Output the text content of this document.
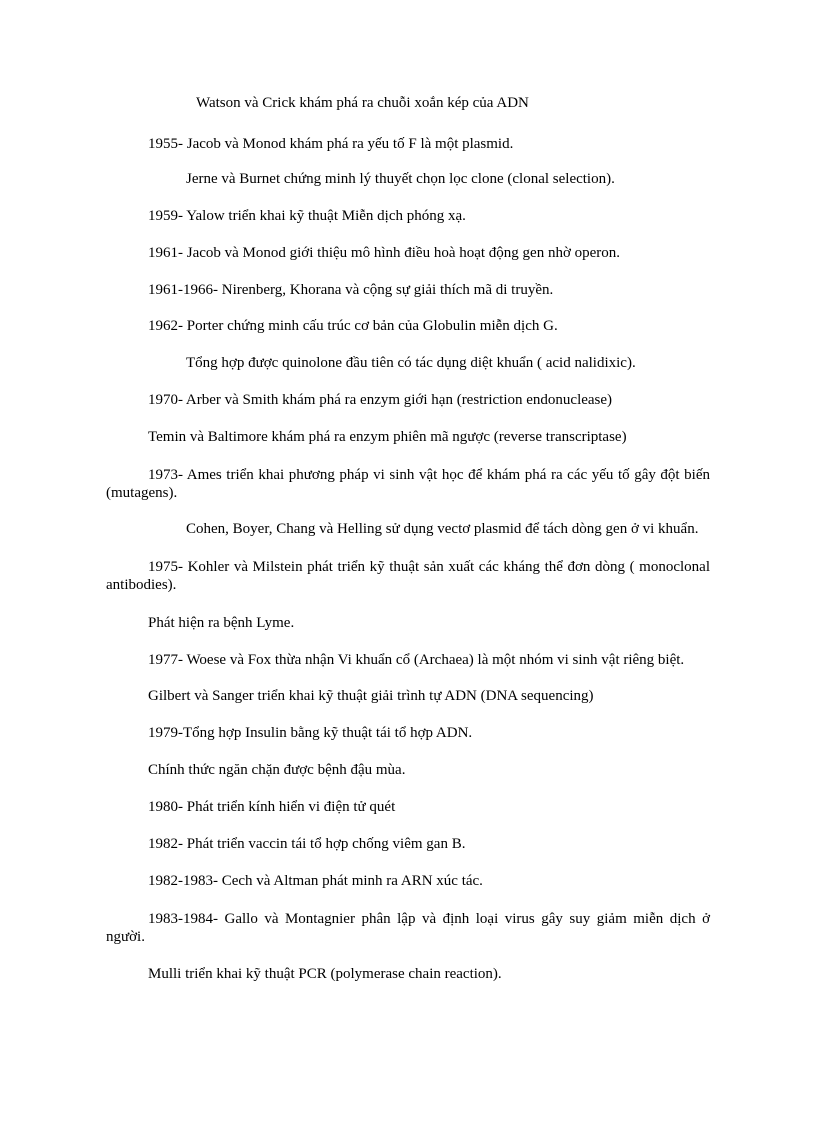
Watson và Crick khám phá ra chuỗi xoắn kép của ADN
1955- Jacob và Monod khám phá ra yếu tố F là một plasmid.
Jerne và Burnet chứng minh lý thuyết chọn lọc clone (clonal selection).
1959- Yalow triển khai kỹ thuật Miễn dịch phóng xạ.
1961- Jacob và Monod giới thiệu mô hình điều hoà hoạt động gen nhờ operon.
1961-1966- Nirenberg, Khorana và cộng sự giải thích mã di truyền.
1962- Porter chứng minh cấu trúc cơ bản của Globulin miễn dịch G.
Tổng hợp được quinolone đầu tiên có tác dụng diệt khuẩn ( acid nalidixic).
1970- Arber và Smith khám phá ra enzym giới hạn (restriction endonuclease)
Temin và Baltimore khám phá ra enzym phiên mã ngược (reverse transcriptase)
1973- Ames triển khai phương pháp vi sinh vật học để khám phá ra các yếu tố gây đột biến
(mutagens).
Cohen, Boyer, Chang và Helling sử dụng vectơ plasmid để tách dòng gen ở vi khuẩn.
1975- Kohler và Milstein phát triển kỹ thuật sản xuất các kháng thể đơn dòng ( monoclonal
antibodies).
Phát hiện ra bệnh Lyme.
1977- Woese và Fox thừa nhận Vi khuẩn cổ (Archaea) là một nhóm vi sinh vật riêng biệt.
Gilbert và Sanger triển khai kỹ thuật giải trình tự ADN (DNA sequencing)
1979-Tổng hợp Insulin bằng kỹ thuật tái tổ hợp ADN.
Chính thức ngăn chặn được bệnh đậu mùa.
1980- Phát triển kính hiển vi điện tử quét
1982- Phát triển vaccin tái tổ hợp chống viêm gan B.
1982-1983- Cech và Altman phát minh ra ARN xúc tác.
1983-1984- Gallo và Montagnier phân lập và định loại virus gây suy giảm miễn dịch ở
người.
Mulli triển khai kỹ thuật PCR (polymerase chain reaction).
